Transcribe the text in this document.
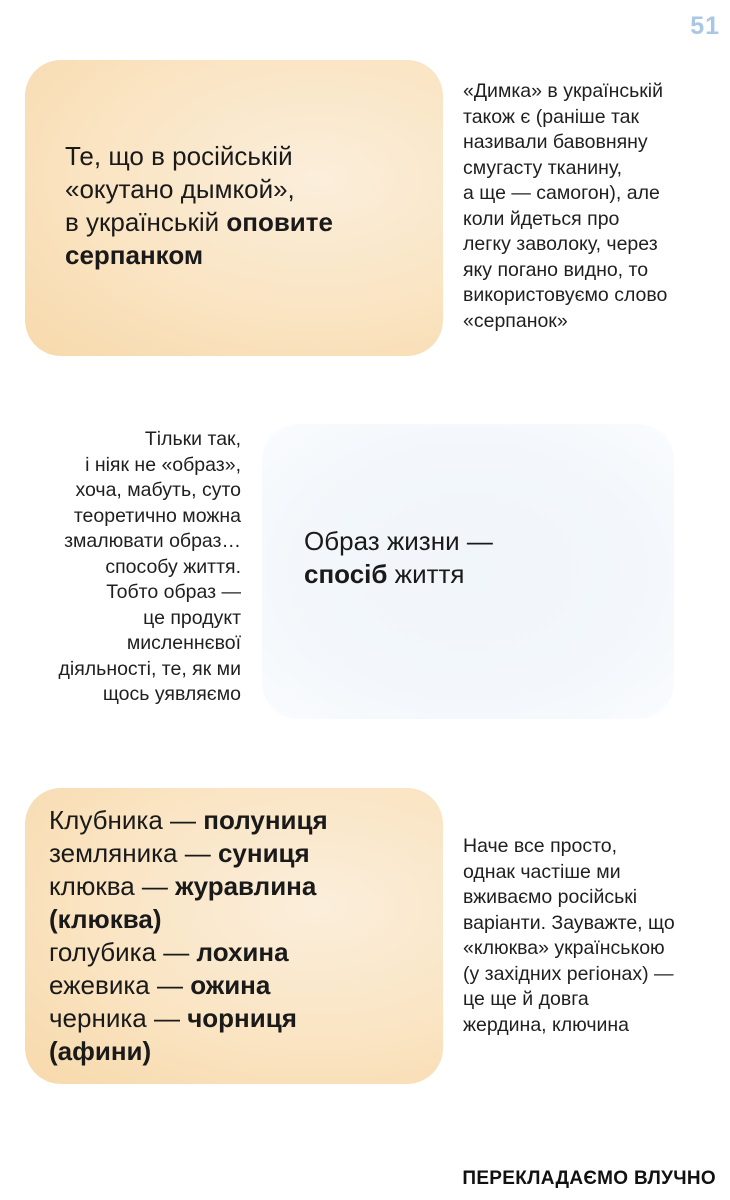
51
Те, що в російській
«окутано дымкой»,
в українській оповите
серпанком
«Димка» в українській
також є (раніше так
називали бавовняну
смугасту тканину,
а ще — самогон), але
коли йдеться про
легку заволоку, через
яку погано видно, то
використовуємо слово
«серпанок»
Тільки так,
і ніяк не «образ»,
хоча, мабуть, суто
теоретично можна
змалювати образ…
способу життя.
Тобто образ —
це продукт
мисленнєвої
діяльності, те, як ми
щось уявляємо
Образ жизни —
спосіб життя
Клубника — полуниця
земляника — суниця
клюква — журавлина
(клюква)
голубика — лохина
ежевика — ожина
черника — чорниця
(афини)
Наче все просто,
однак частіше ми
вживаємо російські
варіанти. Зауважте, що
«клюква» українською
(у західних регіонах) —
це ще й довга
жердина, ключина
ПЕРЕКЛАДАЄМО ВЛУЧНО
